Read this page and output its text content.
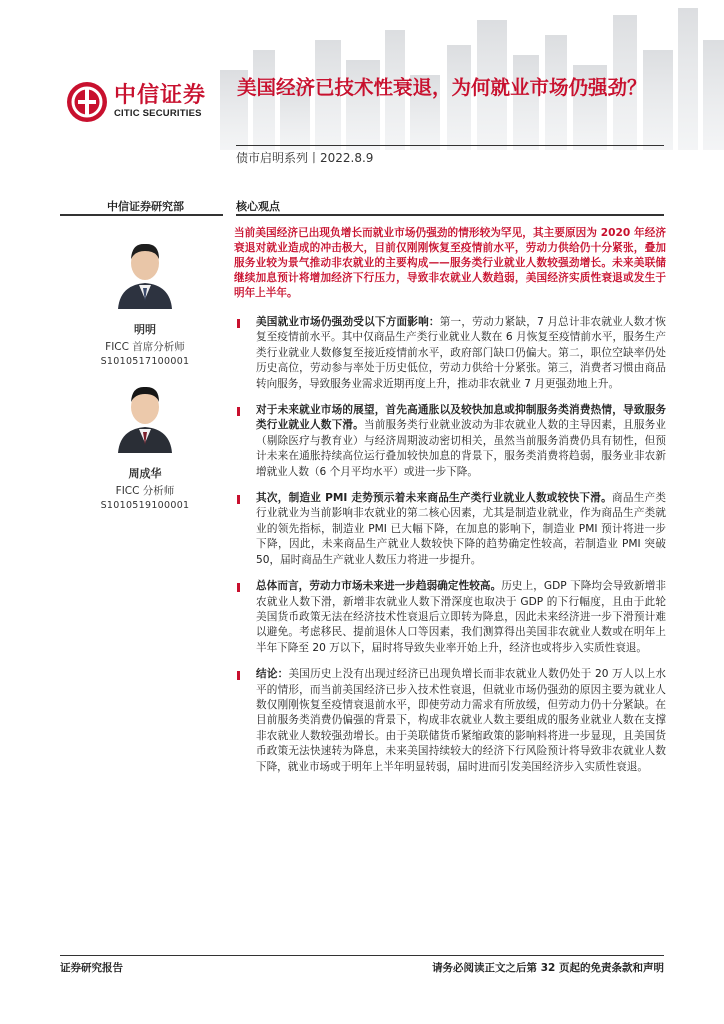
中信证券
CITIC SECURITIES
美国经济已技术性衰退，为何就业市场仍强劲？
债市启明系列丨2022.8.9
中信证券研究部	核心观点
明明
FICC 首席分析师
S1010517100001
周成华
FICC 分析师
S1010519100001
当前美国经济已出现负增长而就业市场仍强劲的情形较为罕见，其主要原因为 2020 年经济衰退对就业造成的冲击极大，目前仅刚刚恢复至疫情前水平，劳动力供给仍十分紧张，叠加服务业较为景气推动非农就业的主要构成——服务类行业就业人数较强劲增长。未来美联储继续加息预计将增加经济下行压力，导致非农就业人数趋弱，美国经济实质性衰退或发生于明年上半年。
美国就业市场仍强劲受以下方面影响：第一，劳动力紧缺，7 月总计非农就业人数才恢复至疫情前水平。其中仅商品生产类行业就业人数在 6 月恢复至疫情前水平，服务生产类行业就业人数修复至接近疫情前水平，政府部门缺口仍偏大。第二，职位空缺率仍处历史高位，劳动参与率处于历史低位，劳动力供给十分紧张。第三，消费者习惯由商品转向服务，导致服务业需求近期再度上升，推动非农就业 7 月更强劲地上升。
对于未来就业市场的展望，首先高通胀以及较快加息或抑制服务类消费热情，导致服务类行业就业人数下滑。当前服务类行业就业波动为非农就业人数的主导因素，且服务业（剔除医疗与教育业）与经济周期波动密切相关，虽然当前服务消费仍具有韧性，但预计未来在通胀持续高位运行叠加较快加息的背景下，服务类消费将趋弱，服务业非农新增就业人数（6 个月平均水平）或进一步下降。
其次，制造业 PMI 走势预示着未来商品生产类行业就业人数或较快下滑。商品生产类行业就业为当前影响非农就业的第二核心因素，尤其是制造业就业，作为商品生产类就业的领先指标，制造业 PMI 已大幅下降，在加息的影响下，制造业 PMI 预计将进一步下降，因此，未来商品生产就业人数较快下降的趋势确定性较高，若制造业 PMI 突破 50，届时商品生产就业人数压力将进一步提升。
总体而言，劳动力市场未来进一步趋弱确定性较高。历史上，GDP 下降均会导致新增非农就业人数下滑，新增非农就业人数下滑深度也取决于 GDP 的下行幅度，且由于此轮美国货币政策无法在经济技术性衰退后立即转为降息，因此未来经济进一步下滑预计难以避免。考虑移民、提前退休人口等因素，我们测算得出美国非农就业人数或在明年上半年下降至 20 万以下，届时将导致失业率开始上升，经济也或将步入实质性衰退。
结论：美国历史上没有出现过经济已出现负增长而非农就业人数仍处于 20 万人以上水平的情形，而当前美国经济已步入技术性衰退，但就业市场仍强劲的原因主要为就业人数仅刚刚恢复至疫情衰退前水平，即使劳动力需求有所放缓，但劳动力仍十分紧缺。在目前服务类消费仍偏强的背景下，构成非农就业人数主要组成的服务业就业人数在支撑非农就业人数较强劲增长。由于美联储货币紧缩政策的影响料将进一步显现，且美国货币政策无法快速转为降息，未来美国持续较大的经济下行风险预计将导致非农就业人数下降，就业市场或于明年上半年明显转弱，届时进而引发美国经济步入实质性衰退。
证券研究报告	请务必阅读正文之后第 32 页起的免责条款和声明
